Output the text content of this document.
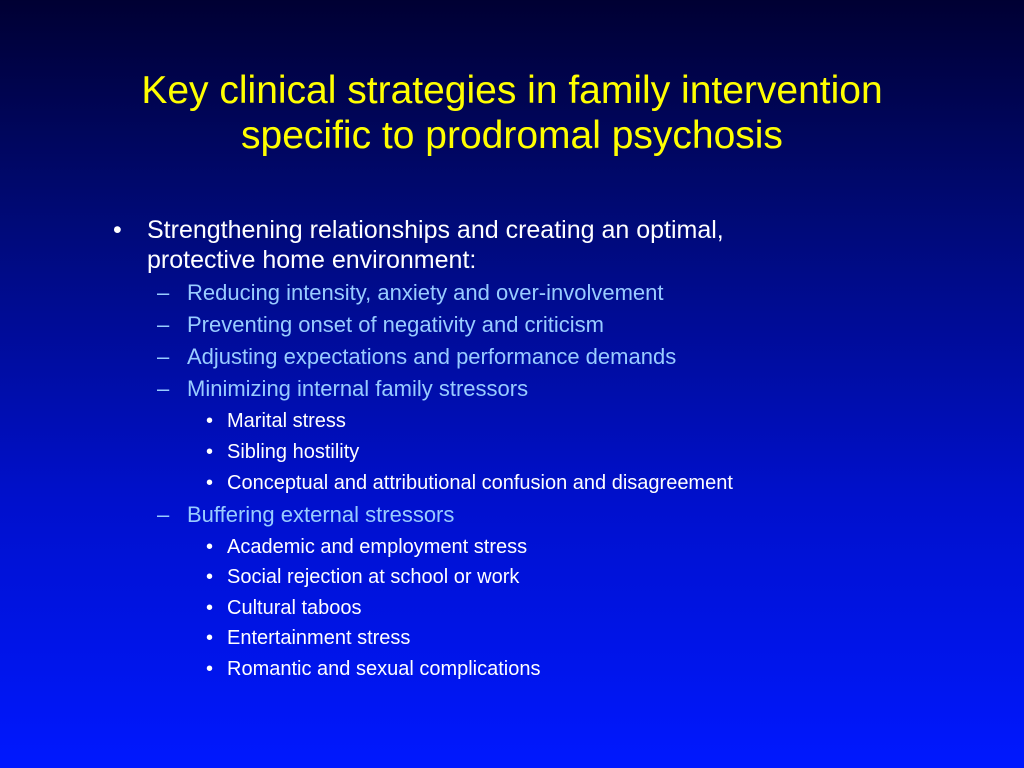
Key clinical strategies in family intervention
specific to prodromal psychosis
• Strengthening relationships and creating an optimal,
protective home environment:
– Reducing intensity, anxiety and over-involvement
– Preventing onset of negativity and criticism
– Adjusting expectations and performance demands
– Minimizing internal family stressors
• Marital stress
• Sibling hostility
• Conceptual and attributional confusion and disagreement
– Buffering external stressors
• Academic and employment stress
• Social rejection at school or work
• Cultural taboos
• Entertainment stress
• Romantic and sexual complications
